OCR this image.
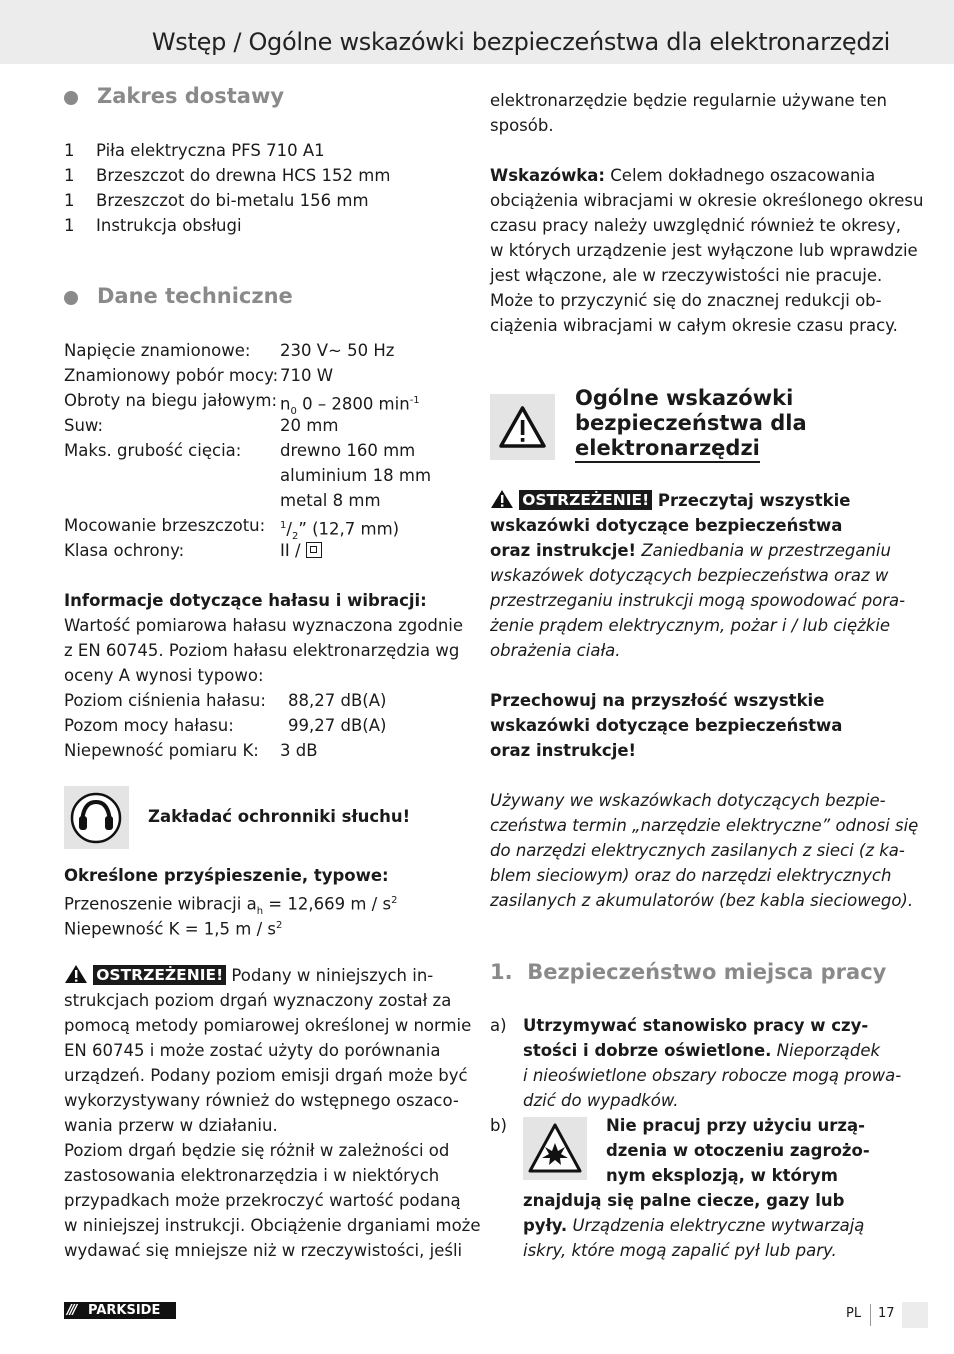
Wstęp / Ogólne wskazówki bezpieczeństwa dla elektronarzędzi
Zakres dostawy
1 Piła elektryczna PFS 710 A1
1 Brzeszczot do drewna HCS 152 mm
1 Brzeszczot do bi-metalu 156 mm
1 Instrukcja obsługi
Dane techniczne
Napięcie znamionowe: 230 V∼ 50 Hz
Znamionowy pobór mocy: 710 W
Obroty na biegu jałowym: $n_0$ 0 – 2800 $\min^{-1}$
Suw:	20 mm
Maks. grubość cięcia: drewno 160 mm
aluminium 18 mm
metal 8 mm
Mocowanie brzeszczotu: $^1/_2$” (12,7 mm)
Klasa ochrony:	II /
Informacje dotyczące hałasu i wibracji:
Wartość pomiarowa hałasu wyznaczona zgodnie
z EN 60745. Poziom hałasu elektronarzędzia wg
oceny A wynosi typowo:
Poziom ciśnienia hałasu: 88,27 dB(A)
Pozom mocy hałasu:	99,27 dB(A)
Niepewność pomiaru K: 3 dB
Zakładać ochronniki słuchu!
Określone przyśpieszenie, typowe:
Przenoszenie wibracji $a_h = 12,669$ m / $s^2$
Niepewność K = 1,5 m / $s^2$
OSTRZEŻENIE! Podany w niniejszych in-
strukcjach poziom drgań wyznaczony został za
pomocą metody pomiarowej określonej w normie
EN 60745 i może zostać użyty do porównania
urządzeń. Podany poziom emisji drgań może być
wykorzystywany również do wstępnego oszaco-
wania przerw w działaniu.
Poziom drgań będzie się różnił w zależności od
zastosowania elektronarzędzia i w niektórych
przypadkach może przekroczyć wartość podaną
w niniejszej instrukcji. Obciążenie drganiami może
wydawać się mniejsze niż w rzeczywistości, jeśli
elektronarzędzie będzie regularnie używane ten
sposób.
Wskazówka: Celem dokładnego oszacowania
obciążenia wibracjami w okresie określonego okresu
czasu pracy należy uwzględnić również te okresy,
w których urządzenie jest wyłączone lub wprawdzie
jest włączone, ale w rzeczywistości nie pracuje.
Może to przyczynić się do znacznej redukcji ob-
ciążenia wibracjami w całym okresie czasu pracy.
Ogólne wskazówki
bezpieczeństwa dla
elektronarzędzi
OSTRZEŻENIE! Przeczytaj wszystkie
wskazówki dotyczące bezpieczeństwa
oraz instrukcje! Zaniedbania w przestrzeganiu
wskazówek dotyczących bezpieczeństwa oraz w
przestrzeganiu instrukcji mogą spowodować pora-
żenie prądem elektrycznym, pożar i / lub ciężkie
obrażenia ciała.
Przechowuj na przyszłość wszystkie
wskazówki dotyczące bezpieczeństwa
oraz instrukcje!
Używany we wskazówkach dotyczących bezpie-
czeństwa termin „narzędzie elektryczne” odnosi się
do narzędzi elektrycznych zasilanych z sieci (z ka-
blem sieciowym) oraz do narzędzi elektrycznych
zasilanych z akumulatorów (bez kabla sieciowego).
1.  Bezpieczeństwo miejsca pracy
a) Utrzymywać stanowisko pracy w czy-
stości i dobrze oświetlone. Nieporządek
i nieoświetlone obszary robocze mogą prowa-
dzić do wypadków.
b)	Nie pracuj przy użyciu urzą-
dzenia w otoczeniu zagrożo-
nym eksplozją, w którym
znajdują się palne ciecze, gazy lub
pyły. Urządzenia elektryczne wytwarzają
iskry, które mogą zapalić pył lub pary.
/// PARKSIDE	PL 17
